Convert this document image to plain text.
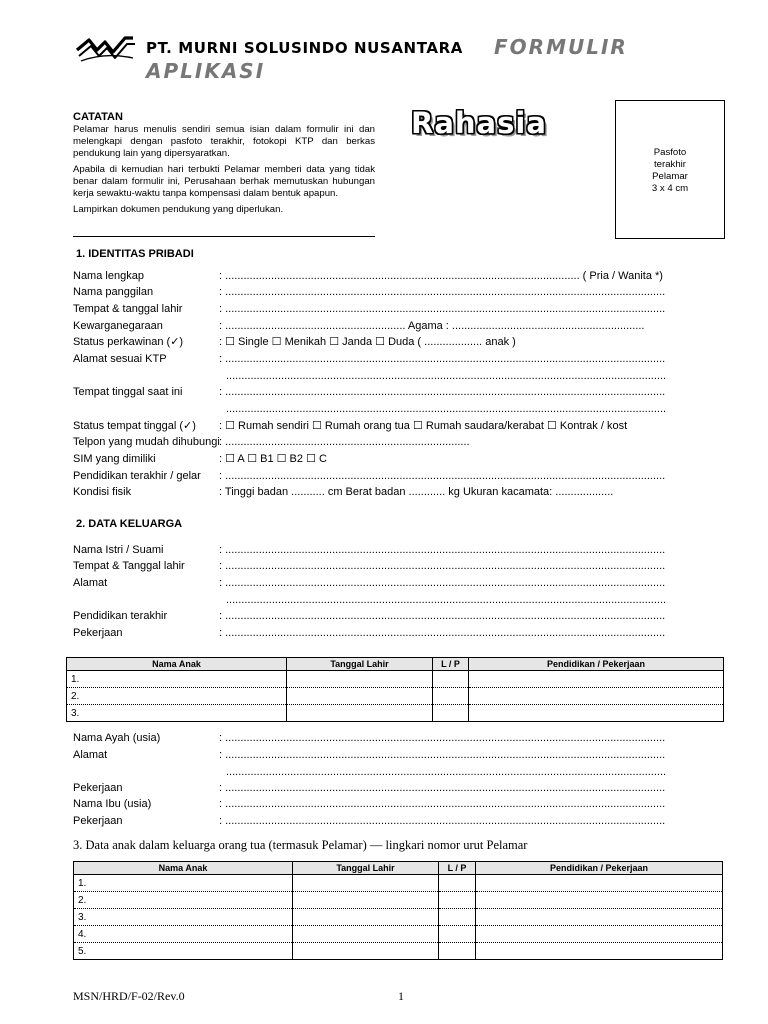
PT. MURNI SOLUSINDO NUSANTARA FORMULIR
APLIKASI
CATATAN

Pelamar harus menulis sendiri semua isian dalam formulir ini dan melengkapi dengan pasfoto terakhir, fotokopi KTP dan berkas pendukung lain yang dipersyaratkan.

Apabila di kemudian hari terbukti Pelamar memberi data yang tidak benar dalam formulir ini, Perusahaan berhak memutuskan hubungan kerja sewaktu-waktu tanpa kompensasi dalam bentuk apapun.

Lampirkan dokumen pendukung yang diperlukan.

Rahasia
Pasfoto
terakhir
Pelamar
3 x 4 cm
1. IDENTITAS PRIBADI
Nama lengkap	: .................................................................................................................... ( Pria / Wanita *)
Nama panggilan	: ................................................................................................................................................
Tempat & tanggal lahir	: ................................................................................................................................................
Kewarganegaraan	: ........................................................... Agama : ...............................................................
Status perkawinan (✓)	: ☐ Single ☐ Menikah ☐ Janda ☐ Duda ( ................... anak )
Alamat sesuai KTP	: ................................................................................................................................................
................................................................................................................................................
Tempat tinggal saat ini	: ................................................................................................................................................
................................................................................................................................................
Status tempat tinggal (✓) : ☐ Rumah sendiri ☐ Rumah orang tua ☐ Rumah saudara/kerabat ☐ Kontrak / kost
Telpon yang mudah dihubungi : ................................................................................
SIM yang dimiliki	: ☐ A ☐ B1 ☐ B2 ☐ C
Pendidikan terakhir / gelar : ................................................................................................................................................
Kondisi fisik	: Tinggi badan ........... cm Berat badan ............ kg Ukuran kacamata: ...................
2. DATA KELUARGA
Nama Istri / Suami	: ................................................................................................................................................
Tempat & Tanggal lahir	: ................................................................................................................................................
Alamat	: ................................................................................................................................................
................................................................................................................................................
Pendidikan terakhir	: ................................................................................................................................................
Pekerjaan	: ................................................................................................................................................
Nama Anak	Tanggal Lahir	L / P	Pendidikan / Pekerjaan
1.			
2.			
3.			
Nama Ayah (usia)	: ................................................................................................................................................
Alamat	: ................................................................................................................................................
................................................................................................................................................
Pekerjaan	: ................................................................................................................................................
Nama Ibu (usia)	: ................................................................................................................................................
Pekerjaan	: ................................................................................................................................................
3. Data anak dalam keluarga orang tua (termasuk Pelamar) — lingkari nomor urut Pelamar
Nama Anak	Tanggal Lahir	L / P	Pendidikan / Pekerjaan
1.			
2.			
3.			
4.			
5.			
MSN/HRD/F-02/Rev.0	1
